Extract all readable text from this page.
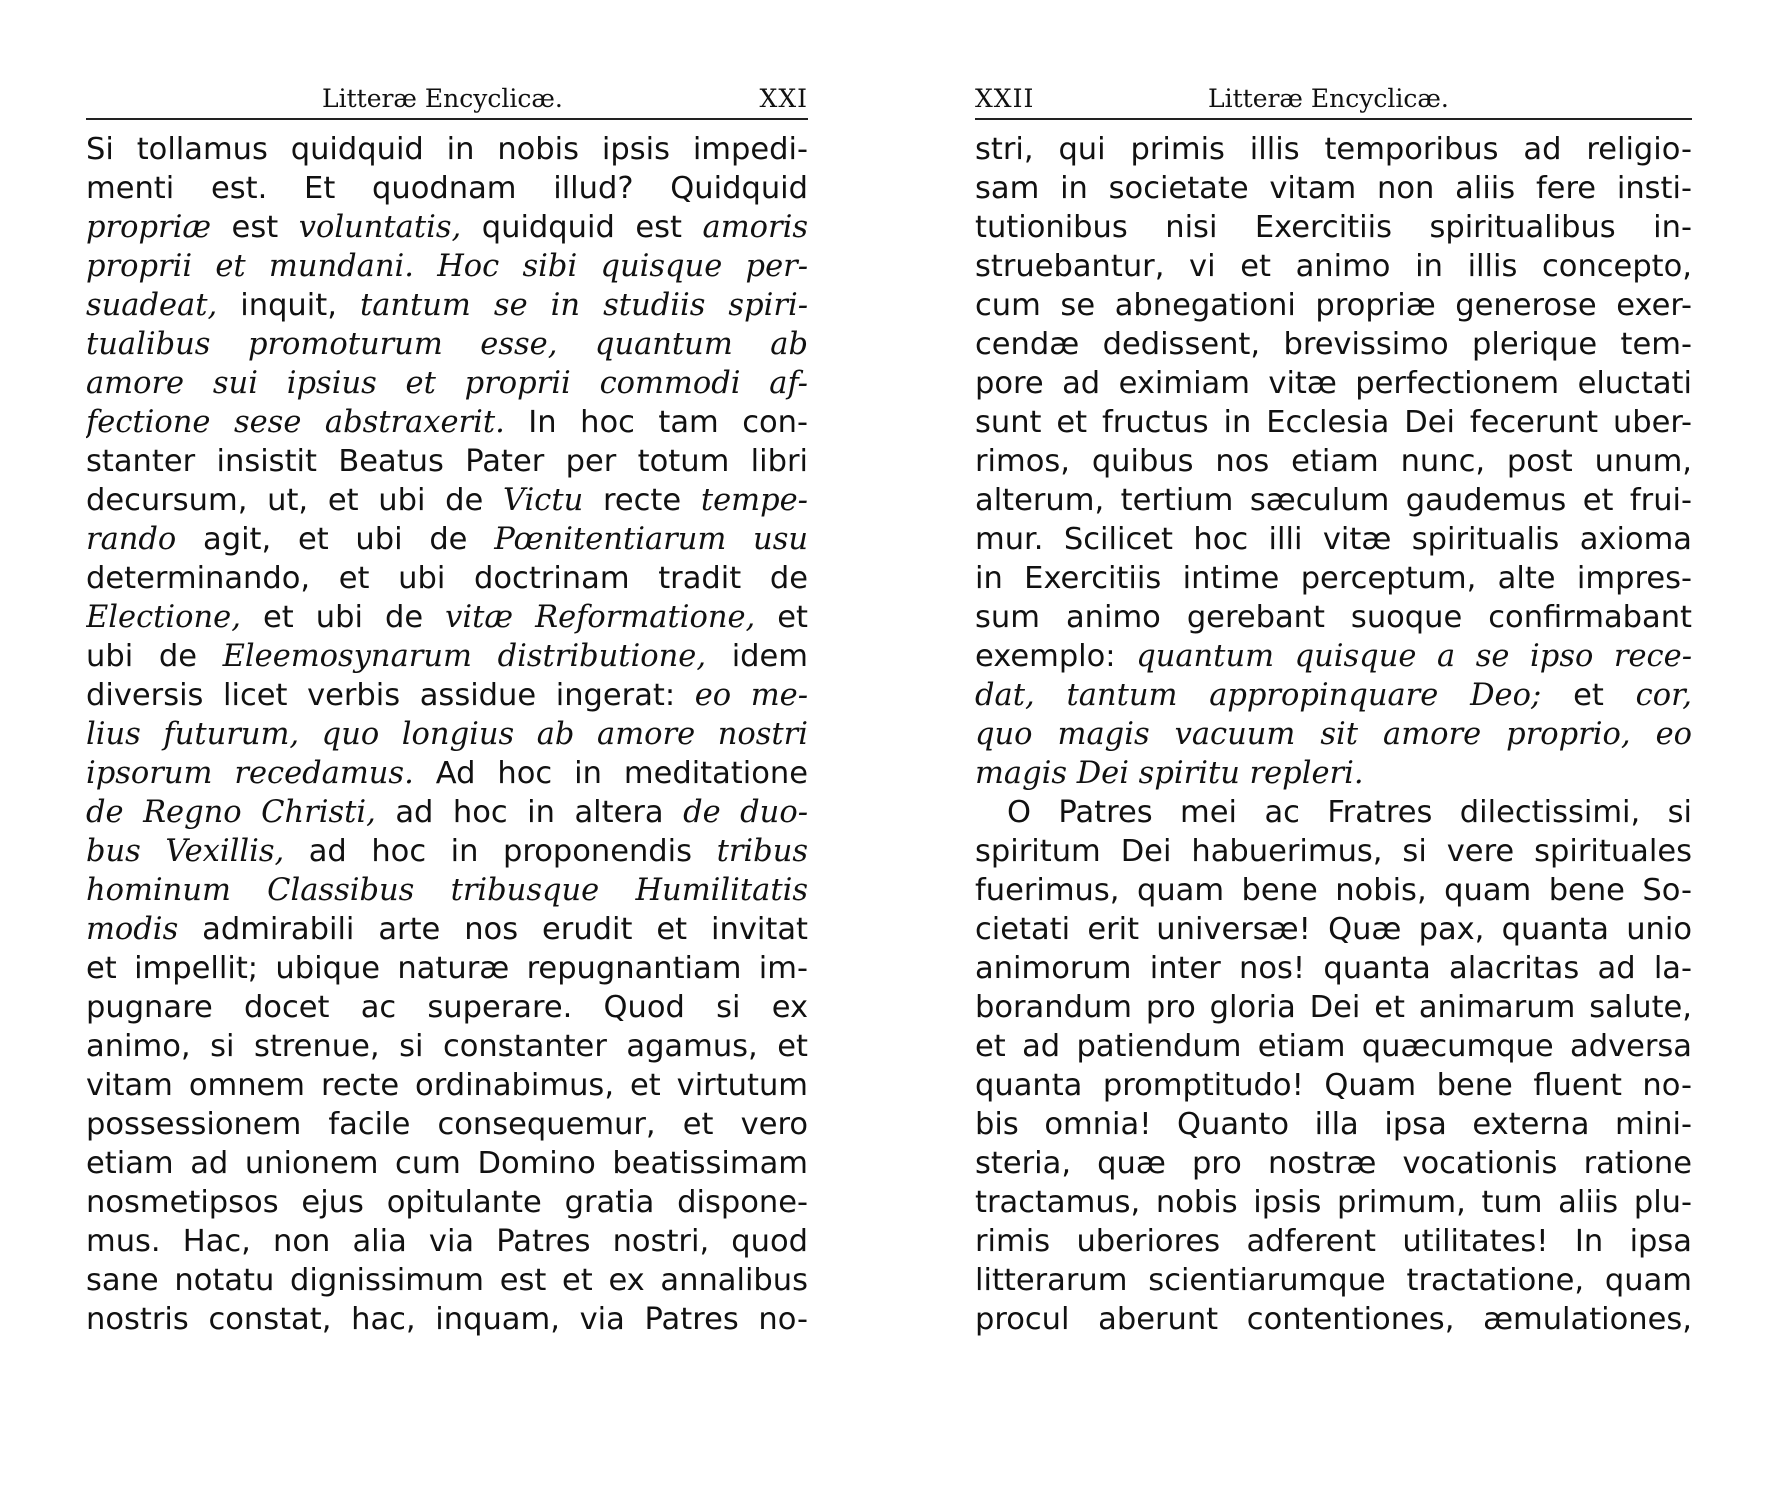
Litteræ Encyclicæ.	XXI
Si tollamus quidquid in nobis ipsis impedi-
menti est. Et quodnam illud? Quidquid
propriæ est voluntatis, quidquid est amoris
proprii et mundani. Hoc sibi quisque per-
suadeat, inquit, tantum se in studiis spiri-
tualibus promoturum esse, quantum ab
amore sui ipsius et proprii commodi af-
fectione sese abstraxerit. In hoc tam con-
stanter insistit Beatus Pater per totum libri
decursum, ut, et ubi de Victu recte tempe-
rando agit, et ubi de Pœnitentiarum usu
determinando, et ubi doctrinam tradit de
Electione, et ubi de vitæ Reformatione, et
ubi de Eleemosynarum distributione, idem
diversis licet verbis assidue ingerat: eo me-
lius futurum, quo longius ab amore nostri
ipsorum recedamus. Ad hoc in meditatione
de Regno Christi, ad hoc in altera de duo-
bus Vexillis, ad hoc in proponendis tribus
hominum Classibus tribusque Humilitatis
modis admirabili arte nos erudit et invitat
et impellit; ubique naturæ repugnantiam im-
pugnare docet ac superare. Quod si ex
animo, si strenue, si constanter agamus, et
vitam omnem recte ordinabimus, et virtutum
possessionem facile consequemur, et vero
etiam ad unionem cum Domino beatissimam
nosmetipsos ejus opitulante gratia dispone-
mus. Hac, non alia via Patres nostri, quod
sane notatu dignissimum est et ex annalibus
nostris constat, hac, inquam, via Patres no-
XXII	Litteræ Encyclicæ.
stri, qui primis illis temporibus ad religio-
sam in societate vitam non aliis fere insti-
tutionibus nisi Exercitiis spiritualibus in-
struebantur, vi et animo in illis concepto,
cum se abnegationi propriæ generose exer-
cendæ dedissent, brevissimo plerique tem-
pore ad eximiam vitæ perfectionem eluctati
sunt et fructus in Ecclesia Dei fecerunt uber-
rimos, quibus nos etiam nunc, post unum,
alterum, tertium sæculum gaudemus et frui-
mur. Scilicet hoc illi vitæ spiritualis axioma
in Exercitiis intime perceptum, alte impres-
sum animo gerebant suoque confirmabant
exemplo: quantum quisque a se ipso rece-
dat, tantum appropinquare Deo; et cor,
quo magis vacuum sit amore proprio, eo
magis Dei spiritu repleri.
O Patres mei ac Fratres dilectissimi, si
spiritum Dei habuerimus, si vere spirituales
fuerimus, quam bene nobis, quam bene So-
cietati erit universæ! Quæ pax, quanta unio
animorum inter nos! quanta alacritas ad la-
borandum pro gloria Dei et animarum salute,
et ad patiendum etiam quæcumque adversa
quanta promptitudo! Quam bene fluent no-
bis omnia! Quanto illa ipsa externa mini-
steria, quæ pro nostræ vocationis ratione
tractamus, nobis ipsis primum, tum aliis plu-
rimis uberiores adferent utilitates! In ipsa
litterarum scientiarumque tractatione, quam
procul aberunt contentiones, æmulationes,
